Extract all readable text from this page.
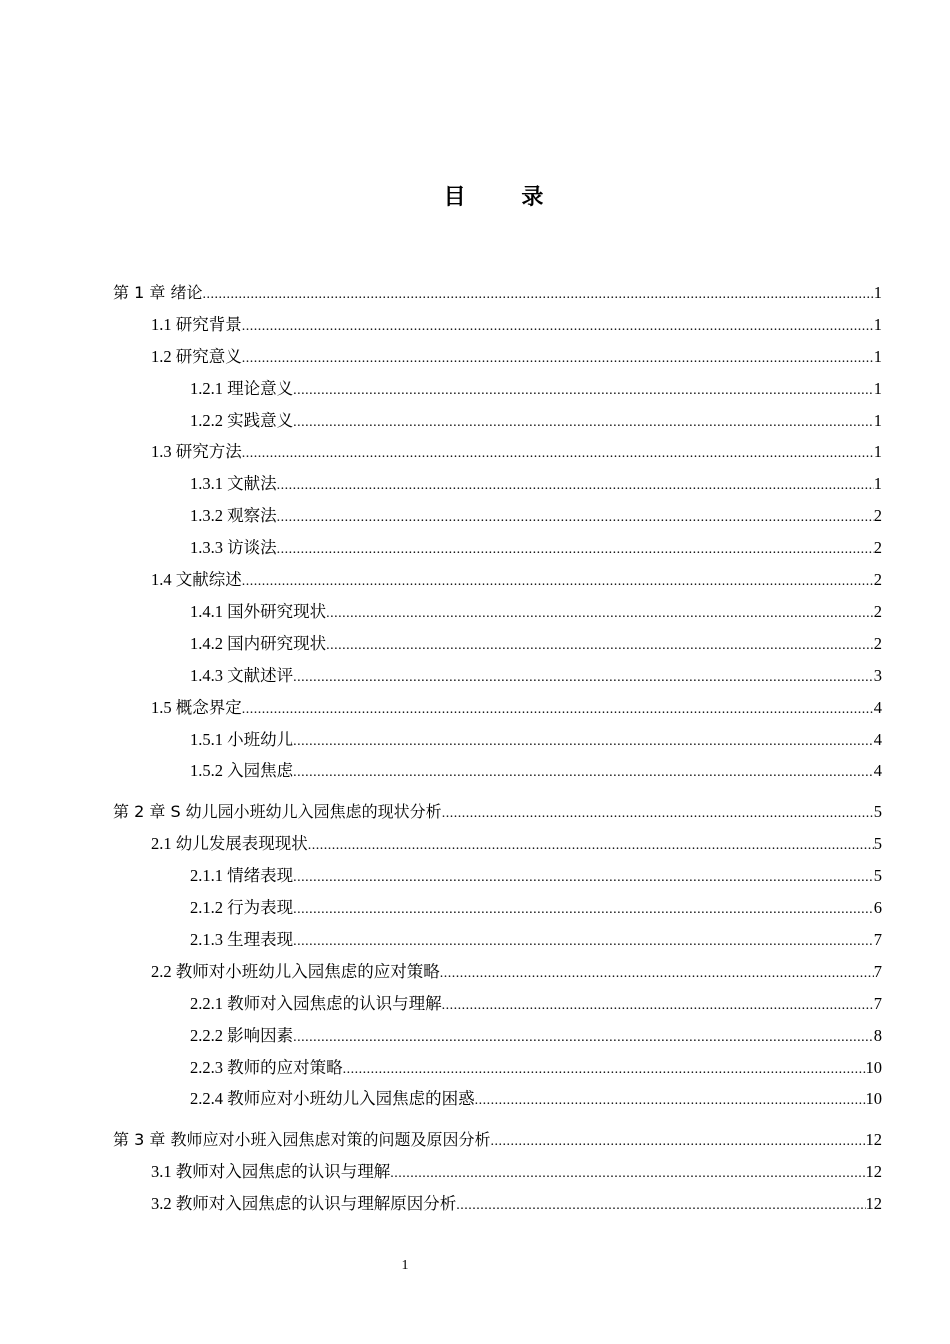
目 录
第 1 章 绪论 .....	1
1.1 研究背景 .....	1
1.2 研究意义 .....	1
1.2.1 理论意义 .....	1
1.2.2 实践意义 .....	1
1.3 研究方法 .....	1
1.3.1 文献法 .....	1
1.3.2 观察法 .....	2
1.3.3 访谈法 .....	2
1.4 文献综述 .....	2
1.4.1 国外研究现状 .....	2
1.4.2 国内研究现状 .....	2
1.4.3 文献述评 .....	3
1.5 概念界定 .....	4
1.5.1 小班幼儿 .....	4
1.5.2 入园焦虑 .....	4
第 2 章 S 幼儿园小班幼儿入园焦虑的现状分析 .....	5
2.1 幼儿发展表现现状 .....	5
2.1.1 情绪表现 .....	5
2.1.2 行为表现 .....	6
2.1.3 生理表现 .....	7
2.2 教师对小班幼儿入园焦虑的应对策略 .....	7
2.2.1 教师对入园焦虑的认识与理解 .....	7
2.2.2 影响因素 .....	8
2.2.3 教师的应对策略 .....	10
2.2.4 教师应对小班幼儿入园焦虑的困惑 .....	10
第 3 章 教师应对小班入园焦虑对策的问题及原因分析 .....	12
3.1 教师对入园焦虑的认识与理解 .....	12
3.2 教师对入园焦虑的认识与理解原因分析 .....	12
1
